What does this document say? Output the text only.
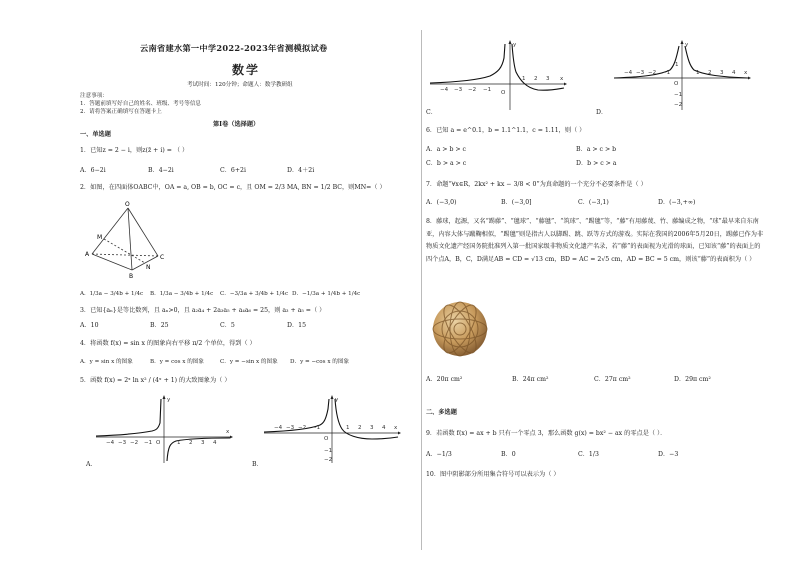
云南省建水第一中学2022-2023年省测模拟试卷
数学
考试时间：120分钟；命题人：数学教研组
注意事项：
1．答题前填写好自己的姓名、班级、考号等信息
2．请将答案正确填写在答题卡上
第I卷（选择题）
一、单选题
1．已知z = 2 − i，则z(z̄ + i) = （ ）
A．6−2i	B．4−2i	C．6+2i	D．4＋2i
2．如图，在四面体OABC中，OA = a, OB = b, OC = c，且 OM = 2/3 MA, BN = 1/2 BC，则MN=（ ）
O
A
B
C
M
N
A．1/3a − 3/4b + 1/4c B．1/3a − 3/4b + 1/4c C．−3/3a + 3/4b + 1/4c D．−1/3a + 1/4b + 1/4c
3．已知{aₙ}是等比数列，且 aₙ>0，且 a₂a₄ + 2a₃a₅ + a₄a₆ = 25，则 a₃ + a₅ =（ ）
A．10	B．25	C．5	D．15
4．将函数 f(x) = sin x 的图象向右平移 π/2 个单位，得到（ ）
A．y = sin x 的图象	B．y = cos x 的图象	C．y = −sin x 的图象 D．y = −cos x 的图象
5．函数 f(x) = 2ˣ ln x² / (4ˣ + 1) 的大致图象为（ ）
−4 −3 −2 −1 O	1 2 3 4
x
y
A．
−4 −3 −2 −1
O
1 2 3 4
−1
−2
x
y
B．
−4 −3 −2 −1 O
1 2 3 x
y
C．
−4 −3 −2 −1
O
1 2 3 4
1
−1
−2
x
y
D．
6．已知 a = e^0.1，b = 1.1^1.1，c = 1.11，则（ ）
A．a > b > c	B．a > c > b
C．b > a > c	D．b > c > a
7．命题“∀x∈R，2kx² + kx − 3/8 < 0”为真命题的一个充分不必要条件是（ ）
A．(−3,0)	B．(−3,0]	C．(−3,1)	D．(−3,+∞)
8．藤球，起源，又名“踢藤”、“毽球”、“藤毽”、“筑球”、“踢毽”等，“藤”有用藤蔑、竹、藤编成之物，“球”最早来自东南亚，内容大体与蹴鞠相似，“踢毽”则是指古人以脚踢、跳、跃等方式的游戏。实际在我国的2006年5月20日，踢藤已作为非物质文化遗产经国务院批准列入第一批国家级非物质文化遗产名录，若“藤”的表面视为光滑的球面，已知该“藤”的表面上的四个点A，B，C，D满足AB = CD = √13 cm，BD = AC = 2√5 cm，AD = BC = 5 cm，则该“藤”的表面积为（ ）
A．20π cm²	B．24π cm²	C．27π cm²	D．29π cm²
二、多选题
9．若函数 f(x) = ax + b 只有一个零点 3，那么函数 g(x) = bx² − ax 的零点是（ ）．
A．−1/3	B．0	C．1/3	D．−3
10．图中阴影部分所用集合符号可以表示为（ ）
